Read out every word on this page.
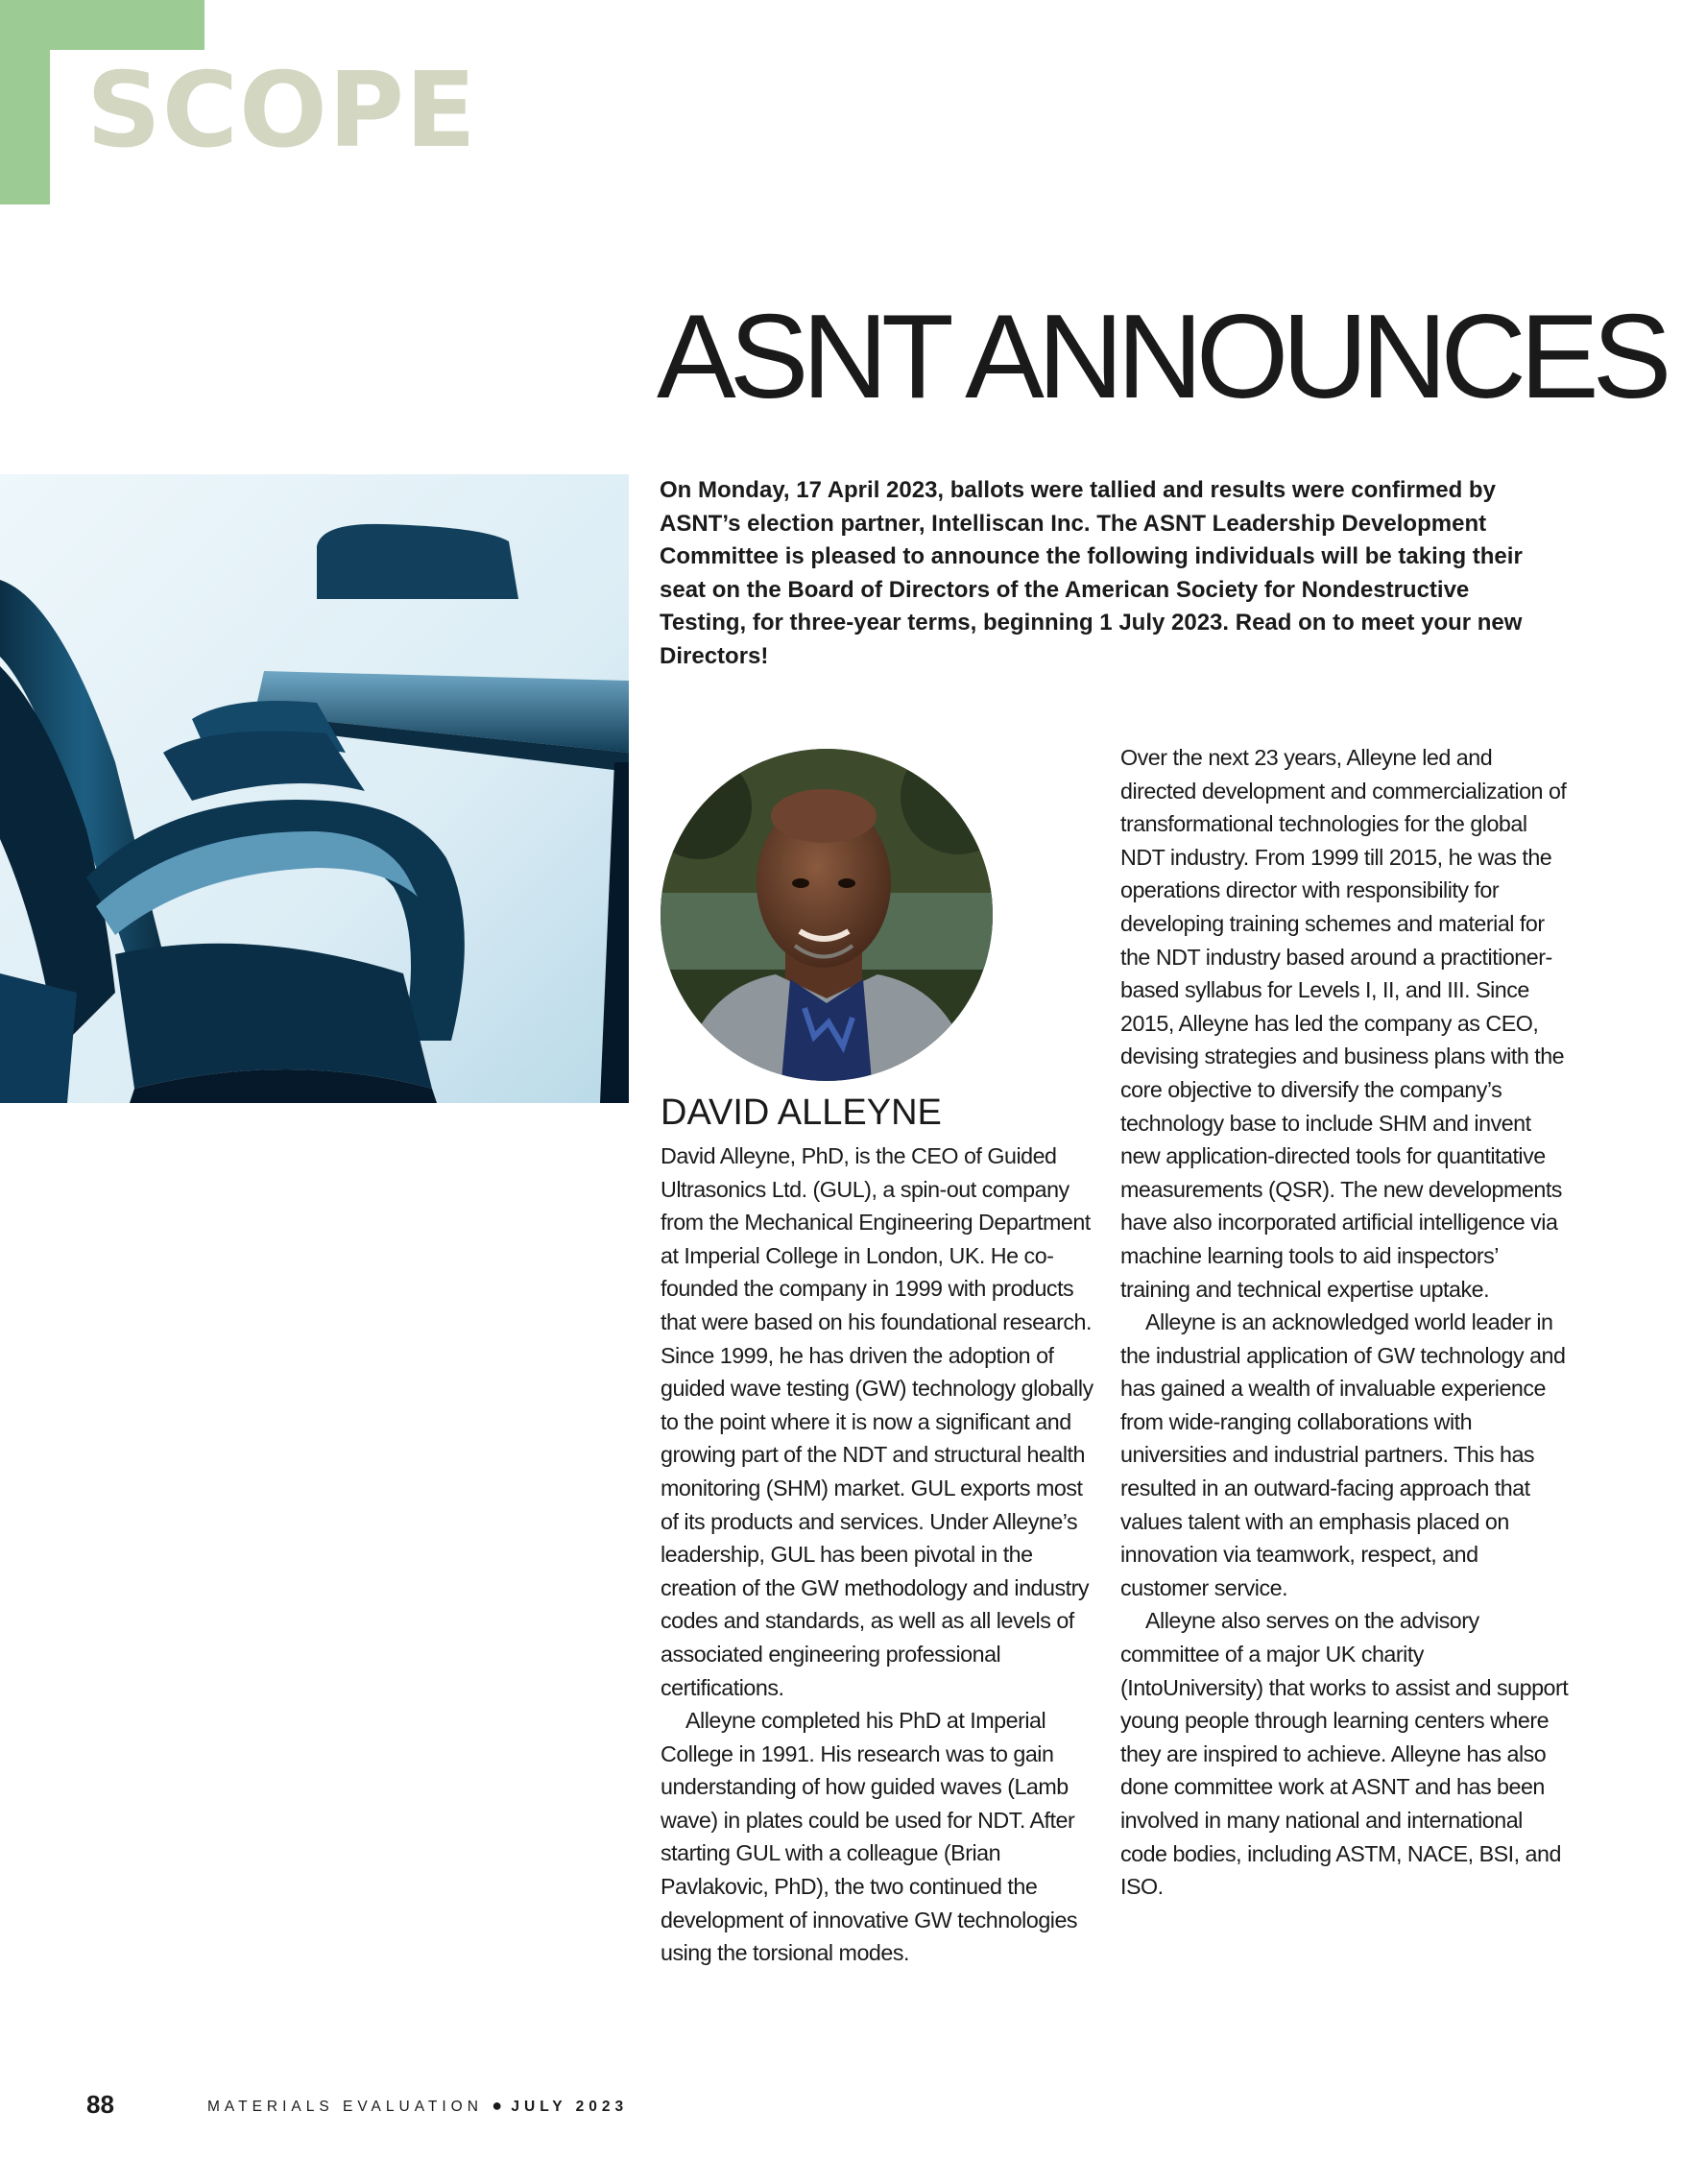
SCOPE
ASNT ANNOUNCES

On Monday, 17 April 2023, ballots were tallied and results were confirmed by ASNT’s election partner, Intelliscan Inc. The ASNT Leadership Development Committee is pleased to announce the following individuals will be taking their seat on the Board of Directors of the American Society for Nondestructive Testing, for three-year terms, beginning 1 July 2023. Read on to meet your new Directors!

DAVID ALLEYNE

David Alleyne, PhD, is the CEO of Guided Ultrasonics Ltd. (GUL), a spin-out company from the Mechanical Engineering Department at Imperial College in London, UK. He co-founded the company in 1999 with products that were based on his foundational research. Since 1999, he has driven the adoption of guided wave testing (GW) technology globally to the point where it is now a significant and growing part of the NDT and structural health monitoring (SHM) market. GUL exports most of its products and services. Under Alleyne’s leadership, GUL has been pivotal in the creation of the GW methodology and industry codes and standards, as well as all levels of associated engineering professional certifications.

Alleyne completed his PhD at Imperial College in 1991. His research was to gain understanding of how guided waves (Lamb wave) in plates could be used for NDT. After starting GUL with a colleague (Brian Pavlakovic, PhD), the two continued the development of innovative GW technologies using the torsional modes.

Over the next 23 years, Alleyne led and directed development and commercialization of transformational technologies for the global NDT industry. From 1999 till 2015, he was the operations director with responsibility for developing training schemes and material for the NDT industry based around a practitioner-based syllabus for Levels I, II, and III. Since 2015, Alleyne has led the company as CEO, devising strategies and business plans with the core objective to diversify the company’s technology base to include SHM and invent new application-directed tools for quantitative measurements (QSR). The new developments have also incorporated artificial intelligence via machine learning tools to aid inspectors’ training and technical expertise uptake.

Alleyne is an acknowledged world leader in the industrial application of GW technology and has gained a wealth of invaluable experience from wide-ranging collaborations with universities and industrial partners. This has resulted in an outward-facing approach that values talent with an emphasis placed on innovation via teamwork, respect, and customer service.

Alleyne also serves on the advisory committee of a major UK charity (IntoUniversity) that works to assist and support young people through learning centers where they are inspired to achieve. Alleyne has also done committee work at ASNT and has been involved in many national and international code bodies, including ASTM, NACE, BSI, and ISO.

88	MATERIALS EVALUATION ● JULY 2023
